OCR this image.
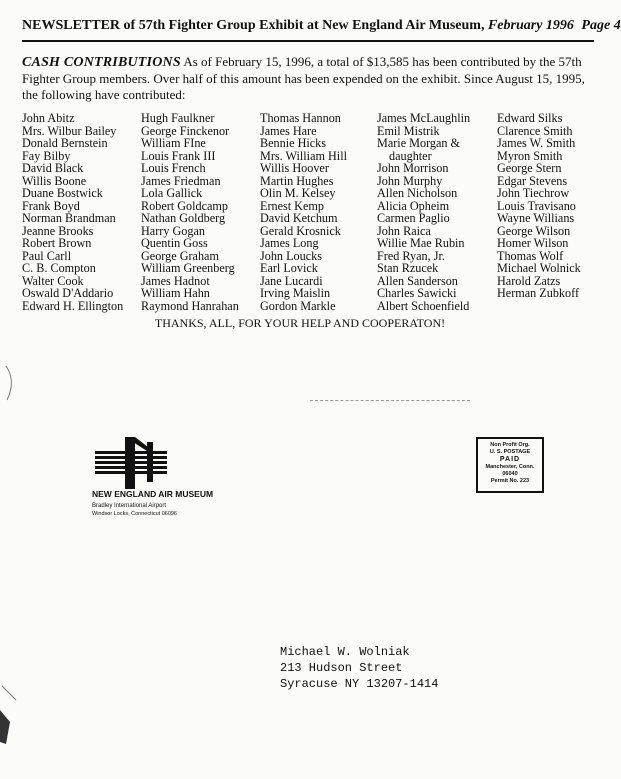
NEWSLETTER of 57th Fighter Group Exhibit at New England Air Museum, February 1996 Page 4
CASH CONTRIBUTIONS As of February 15, 1996, a total of $13,585 has been contributed by the 57th Fighter Group members. Over half of this amount has been expended on the exhibit. Since August 15, 1995, the following have contributed:
John Abitz
Mrs. Wilbur Bailey
Donald Bernstein
Fay Bilby
David Black
Willis Boone
Duane Bostwick
Frank Boyd
Norman Brandman
Jeanne Brooks
Robert Brown
Paul Carll
C. B. Compton
Walter Cook
Oswald D'Addario
Edward H. Ellington
Hugh Faulkner
George Finckenor
William FIne
Louis Frank III
Louis French
James Friedman
Lola Gallick
Robert Goldcamp
Nathan Goldberg
Harry Gogan
Quentin Goss
George Graham
William Greenberg
James Hadnot
William Hahn
Raymond Hanrahan
Thomas Hannon
James Hare
Bennie Hicks
Mrs. William Hill
Willis Hoover
Martin Hughes
Olin M. Kelsey
Ernest Kemp
David Ketchum
Gerald Krosnick
James Long
John Loucks
Earl Lovick
Jane Lucardi
Irving Maislin
Gordon Markle
James McLaughlin
Emil Mistrik
Marie Morgan &
daughter
John Morrison
John Murphy
Allen Nicholson
Alicia Opheim
Carmen Paglio
John Raica
Willie Mae Rubin
Fred Ryan, Jr.
Stan Rzucek
Allen Sanderson
Charles Sawicki
Albert Schoenfield
Edward Silks
Clarence Smith
James W. Smith
Myron Smith
George Stern
Edgar Stevens
John Tiechrow
Louis Travisano
Wayne Willians
George Wilson
Homer Wilson
Thomas Wolf
Michael Wolnick
Harold Zatzs
Herman Zubkoff
THANKS, ALL, FOR YOUR HELP AND COOPERATON!
NEW ENGLAND AIR MUSEUM
Bradley International Airport
Windsor Locks, Connecticut 06096
Non Profit Org.
U. S. POSTAGE
PAID
Manchester, Conn.
06040
Permit No. 223
Michael W. Wolniak
213 Hudson Street
Syracuse NY 13207-1414
